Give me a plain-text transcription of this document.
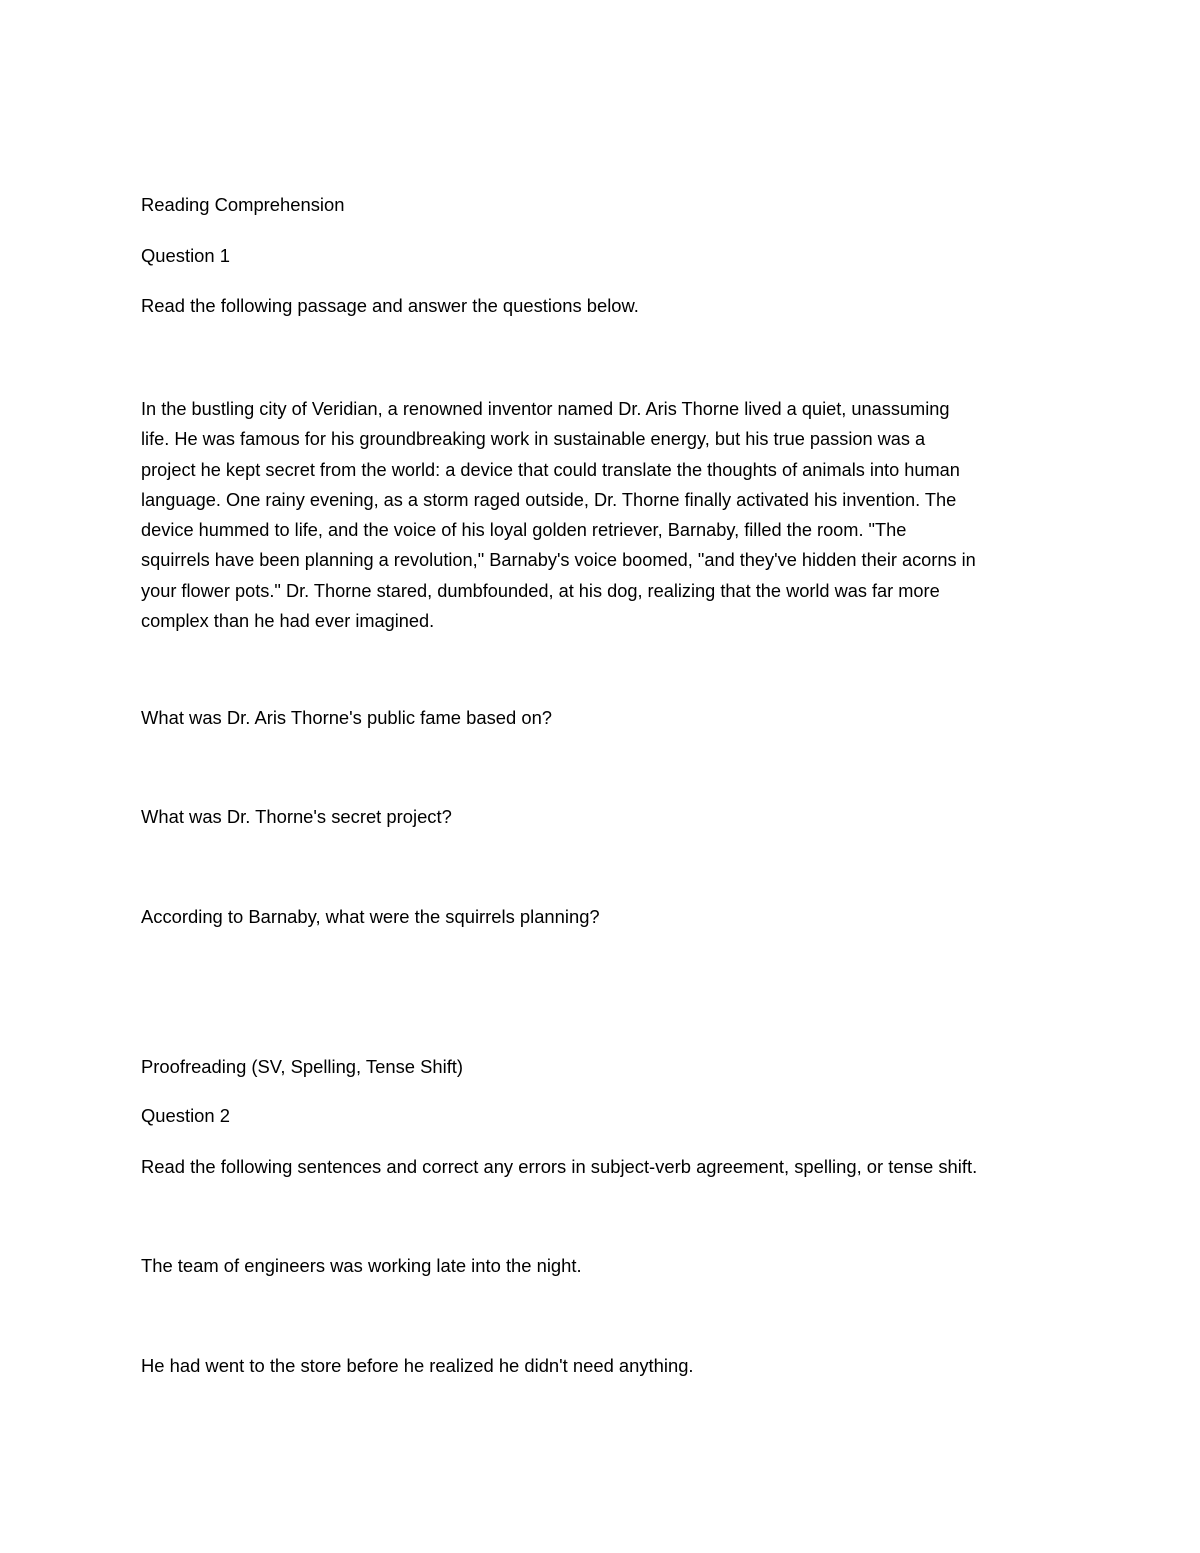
Reading Comprehension

Question 1

Read the following passage and answer the questions below.

In the bustling city of Veridian, a renowned inventor named Dr. Aris Thorne lived a quiet, unassuming
life. He was famous for his groundbreaking work in sustainable energy, but his true passion was a
project he kept secret from the world: a device that could translate the thoughts of animals into human
language. One rainy evening, as a storm raged outside, Dr. Thorne finally activated his invention. The
device hummed to life, and the voice of his loyal golden retriever, Barnaby, filled the room. "The
squirrels have been planning a revolution," Barnaby's voice boomed, "and they've hidden their acorns in
your flower pots." Dr. Thorne stared, dumbfounded, at his dog, realizing that the world was far more
complex than he had ever imagined.

What was Dr. Aris Thorne's public fame based on?

What was Dr. Thorne's secret project?

According to Barnaby, what were the squirrels planning?

Proofreading (SV, Spelling, Tense Shift)

Question 2

Read the following sentences and correct any errors in subject-verb agreement, spelling, or tense shift.

The team of engineers was working late into the night.

He had went to the store before he realized he didn't need anything.
